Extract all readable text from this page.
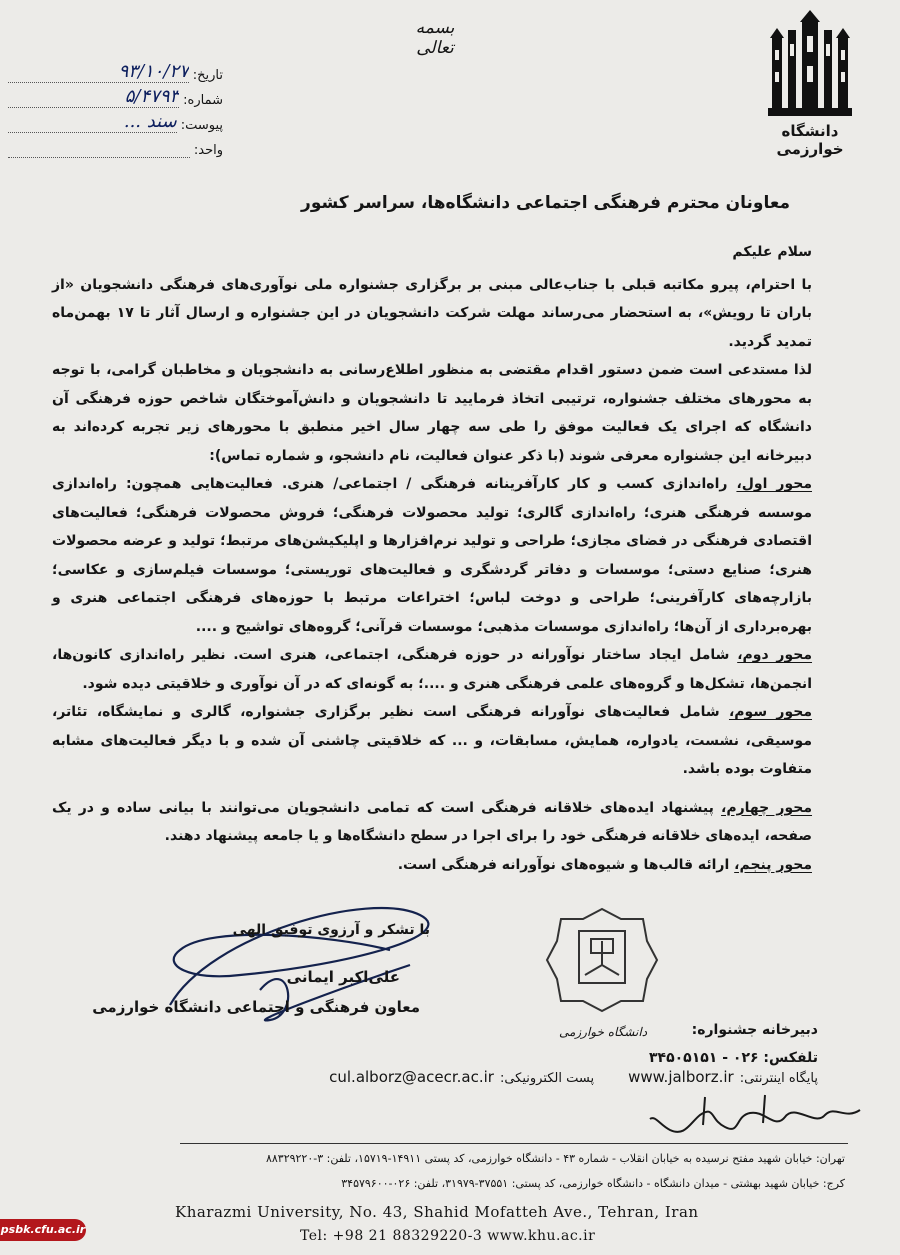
دانشگاه خوارزمی
بسمه تعالی
تاریخ:
۹۳/۱۰/۲۷
شماره:
۵/۴۷۹۳
پیوست:
سند ...
واحد:
معاونان محترم فرهنگی اجتماعی دانشگاه‌ها، سراسر کشور

سلام علیکم

با احترام، پیرو مکاتبه قبلی با جناب‌عالی مبنی بر برگزاری جشنواره ملی نوآوری‌های فرهنگی دانشجویان «از باران تا رویش»، به استحضار می‌رساند مهلت شرکت دانشجویان در این جشنواره و ارسال آثار تا ۱۷ بهمن‌ماه تمدید گردید.

لذا مستدعی است ضمن دستور اقدام مقتضی به منظور اطلاع‌رسانی به دانشجویان و مخاطبان گرامی، با توجه به محورهای مختلف جشنواره، ترتیبی اتخاذ فرمایید تا دانشجویان و دانش‌آموختگان شاخص حوزه فرهنگی آن دانشگاه که اجرای یک فعالیت موفق را طی سه چهار سال اخیر منطبق با محورهای زیر تجربه کرده‌اند به دبیرخانه این جشنواره معرفی شوند (با ذکر عنوان فعالیت، نام دانشجو، و شماره تماس):

محور اول، راه‌اندازی کسب و کار کارآفرینانه فرهنگی / اجتماعی/ هنری. فعالیت‌هایی همچون: راه‌اندازی موسسه فرهنگی هنری؛ راه‌اندازی گالری؛ تولید محصولات فرهنگی؛ فروش محصولات فرهنگی؛ فعالیت‌های اقتصادی فرهنگی در فضای مجازی؛ طراحی و تولید نرم‌افزارها و اپلیکیشن‌های مرتبط؛ تولید و عرضه محصولات هنری؛ صنایع دستی؛ موسسات و دفاتر گردشگری و فعالیت‌های توریستی؛ موسسات فیلم‌سازی و عکاسی؛ بازارچه‌های کارآفرینی؛ طراحی و دوخت لباس؛ اختراعات مرتبط با حوزه‌های فرهنگی اجتماعی هنری و بهره‌برداری از آن‌ها؛ راه‌اندازی موسسات مذهبی؛ موسسات قرآنی؛ گروه‌های تواشیح و ....

محور دوم، شامل ایجاد ساختار نوآورانه در حوزه فرهنگی، اجتماعی، هنری است. نظیر راه‌اندازی کانون‌ها، انجمن‌ها، تشکل‌ها و گروه‌های علمی فرهنگی هنری و ....؛ به گونه‌ای که در آن نوآوری و خلاقیتی دیده شود.

محور سوم، شامل فعالیت‌های نوآورانه فرهنگی است نظیر برگزاری جشنواره، گالری و نمایشگاه، تئاتر، موسیقی، نشست، یادواره، همایش، مسابقات، و ... که خلاقیتی چاشنی آن شده و با دیگر فعالیت‌های مشابه متفاوت بوده باشد.

محور چهارم، پیشنهاد ایده‌های خلاقانه فرهنگی است که تمامی دانشجویان می‌توانند با بیانی ساده و در یک صفحه، ایده‌های خلاقانه فرهنگی خود را برای اجرا در سطح دانشگاه‌ها و یا جامعه پیشنهاد دهند.

محور پنجم، ارائه قالب‌ها و شیوه‌های نوآورانه فرهنگی است.

با تشکر و آرزوی توفیق الهی
علی‌اکبر ایمانی
معاون فرهنگی و اجتماعی دانشگاه خوارزمی
دانشگاه خوارزمی	دبیرخانه جشنواره:
تلفکس: ۰۲۶ - ۳۴۵۰۵۱۵۱
پایگاه اینترنتی:
www.jalborz.ir
پست الکترونیکی:
cul.alborz@acecr.ac.ir
تهران: خیابان شهید مفتح نرسیده به خیابان انقلاب - شماره ۴۳ - دانشگاه خوارزمی، کد پستی ۱۴۹۱۱-۱۵۷۱۹، تلفن: ۳-۸۸۳۲۹۲۲۰
کرج: خیابان شهید بهشتی - میدان دانشگاه - دانشگاه خوارزمی، کد پستی: ۳۷۵۵۱-۳۱۹۷۹، تلفن: ۰۲۶-۳۴۵۷۹۶۰۰
Kharazmi University, No. 43, Shahid Mofatteh Ave., Tehran, Iran
Tel: +98 21 88329220-3 www.khu.ac.ir
psbk.cfu.ac.ir
